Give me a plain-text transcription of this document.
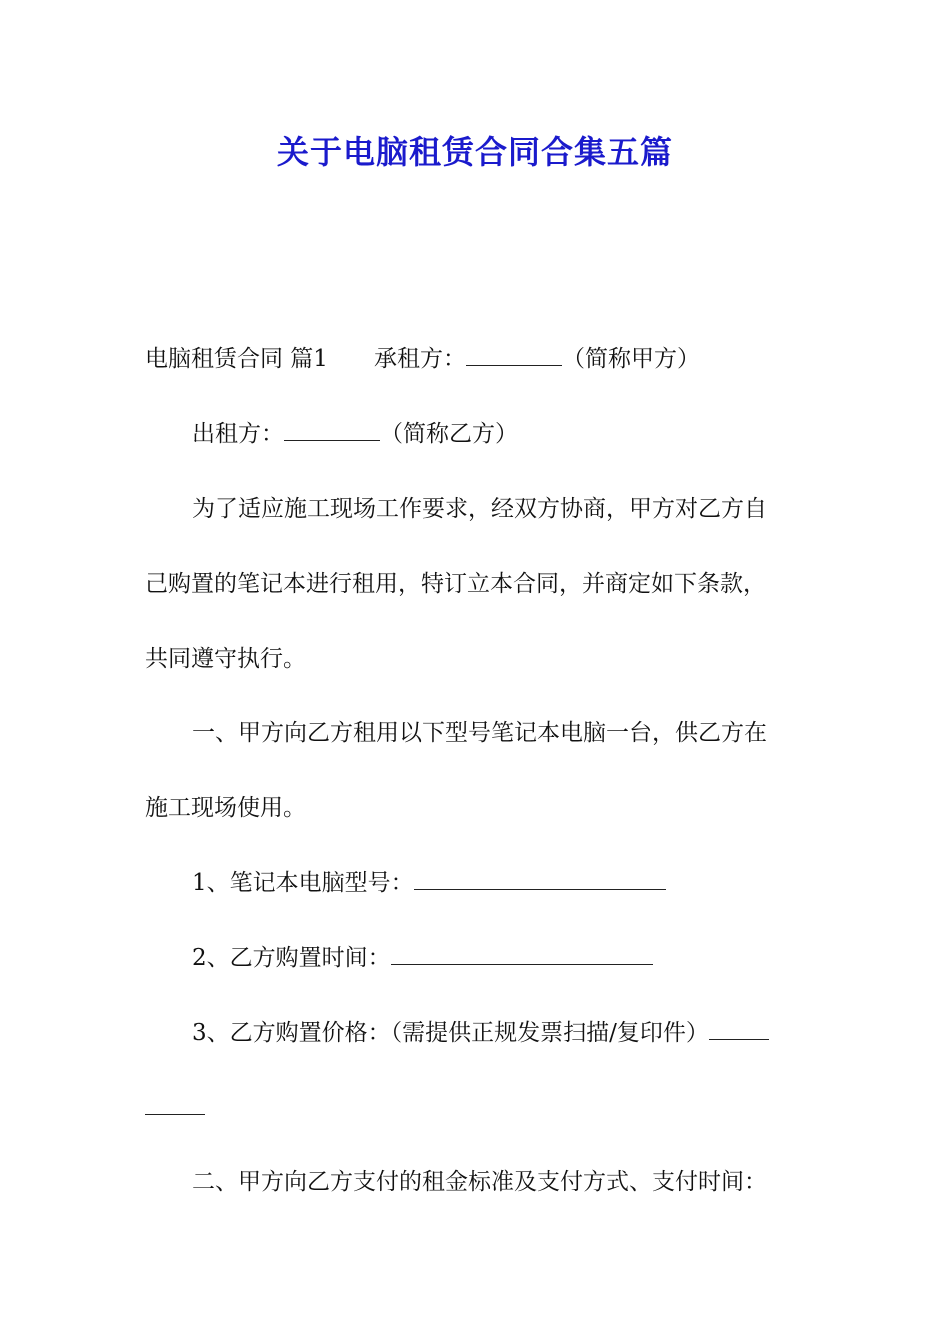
关于电脑租赁合同合集五篇
电脑租赁合同 篇1 承租方：	（简称甲方）
出租方：	（简称乙方）
为了适应施工现场工作要求，经双方协商，甲方对乙方自
己购置的笔记本进行租用，特订立本合同，并商定如下条款，
共同遵守执行。
一、甲方向乙方租用以下型号笔记本电脑一台，供乙方在
施工现场使用。
1、笔记本电脑型号：
2、乙方购置时间：
3、乙方购置价格：（需提供正规发票扫描/复印件）
二、甲方向乙方支付的租金标准及支付方式、支付时间：
